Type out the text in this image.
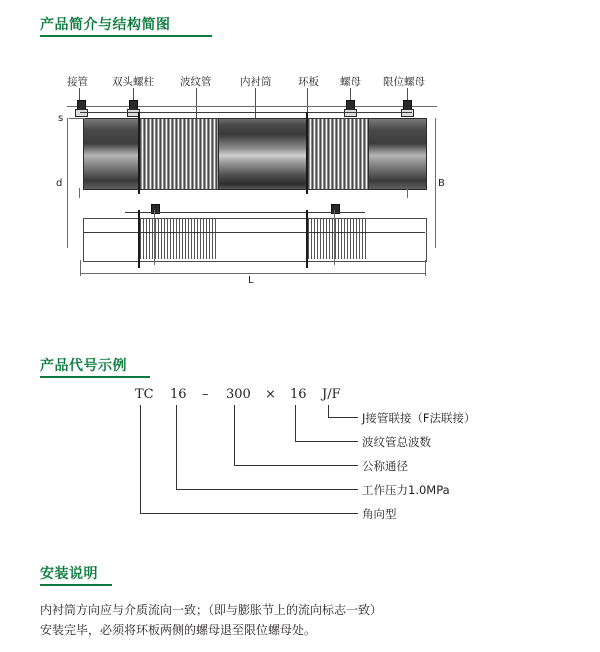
产品简介与结构简图
接管 双头螺柱 波纹管	内衬筒	环板 螺母 限位螺母
s
d	B
L
产品代号示例
TC 16 – 300 × 16 J/F
J接管联接（F法联接）
波纹管总波数
公称通径
工作压力1.0MPa
角向型
安装说明
内衬筒方向应与介质流向一致；（即与膨胀节上的流向标志一致）
安装完毕，必须将环板两侧的螺母退至限位螺母处。
